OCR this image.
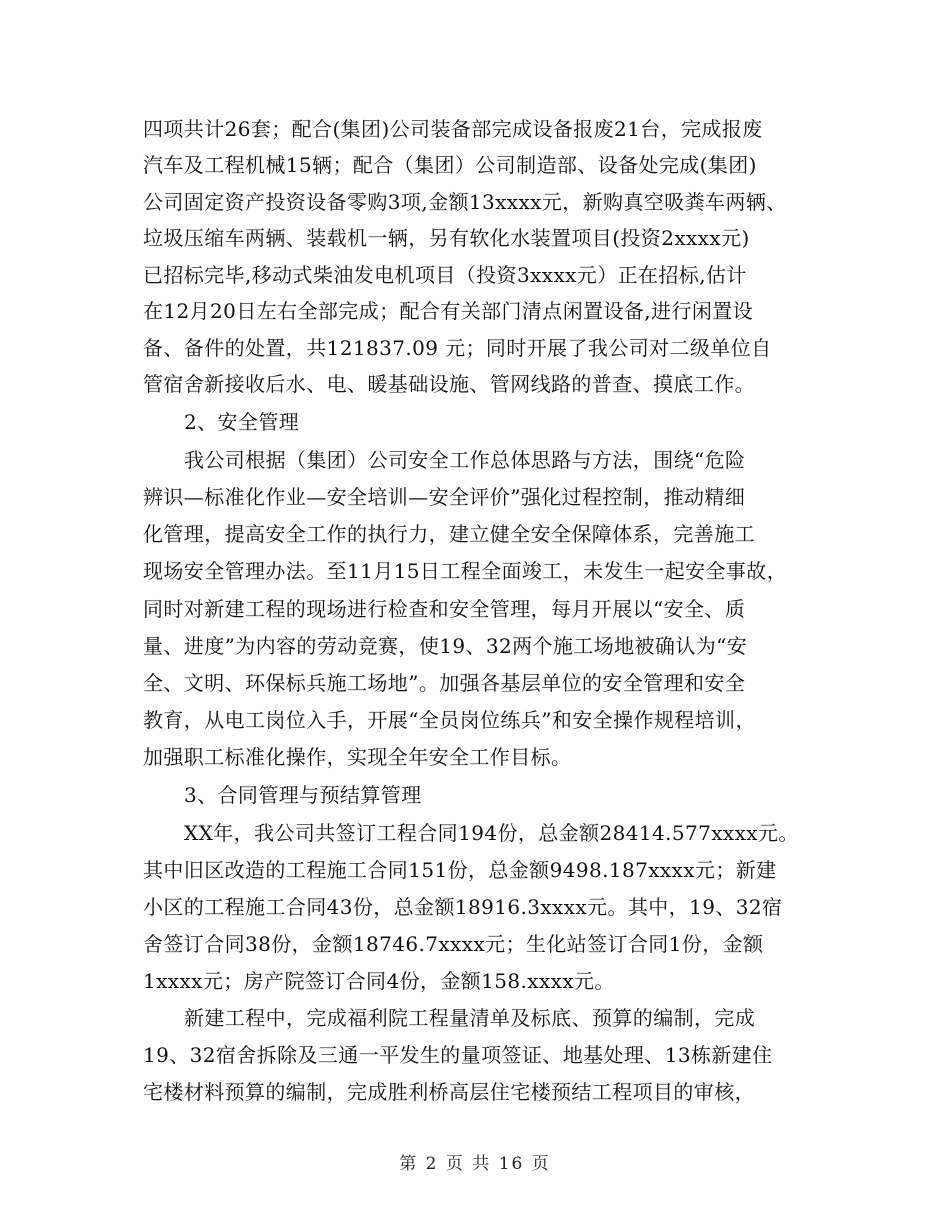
四项共计26套；配合(集团)公司装备部完成设备报废21台，完成报废
汽车及工程机械15辆；配合（集团）公司制造部、设备处完成(集团)
公司固定资产投资设备零购3项,金额13xxxx元，新购真空吸粪车两辆、
垃圾压缩车两辆、装载机一辆，另有软化水装置项目(投资2xxxx元)
已招标完毕,移动式柴油发电机项目（投资3xxxx元）正在招标,估计
在12月20日左右全部完成；配合有关部门清点闲置设备,进行闲置设
备、备件的处置，共121837.09 元；同时开展了我公司对二级单位自
管宿舍新接收后水、电、暖基础设施、管网线路的普查、摸底工作。
2、安全管理
我公司根据（集团）公司安全工作总体思路与方法，围绕“危险
辨识—标准化作业—安全培训—安全评价”强化过程控制，推动精细
化管理，提高安全工作的执行力，建立健全安全保障体系，完善施工
现场安全管理办法。至11月15日工程全面竣工，未发生一起安全事故，
同时对新建工程的现场进行检查和安全管理，每月开展以“安全、质
量、进度”为内容的劳动竞赛，使19、32两个施工场地被确认为“安
全、文明、环保标兵施工场地”。加强各基层单位的安全管理和安全
教育，从电工岗位入手，开展“全员岗位练兵”和安全操作规程培训，
加强职工标准化操作，实现全年安全工作目标。
3、合同管理与预结算管理
XX年，我公司共签订工程合同194份，总金额28414.577xxxx元。
其中旧区改造的工程施工合同151份，总金额9498.187xxxx元；新建
小区的工程施工合同43份，总金额18916.3xxxx元。其中，19、32宿
舍签订合同38份，金额18746.7xxxx元；生化站签订合同1份，金额
1xxxx元；房产院签订合同4份，金额158.xxxx元。
新建工程中，完成福利院工程量清单及标底、预算的编制，完成
19、32宿舍拆除及三通一平发生的量项签证、地基处理、13栋新建住
宅楼材料预算的编制，完成胜利桥高层住宅楼预结工程项目的审核，
第 2 页 共 16 页
